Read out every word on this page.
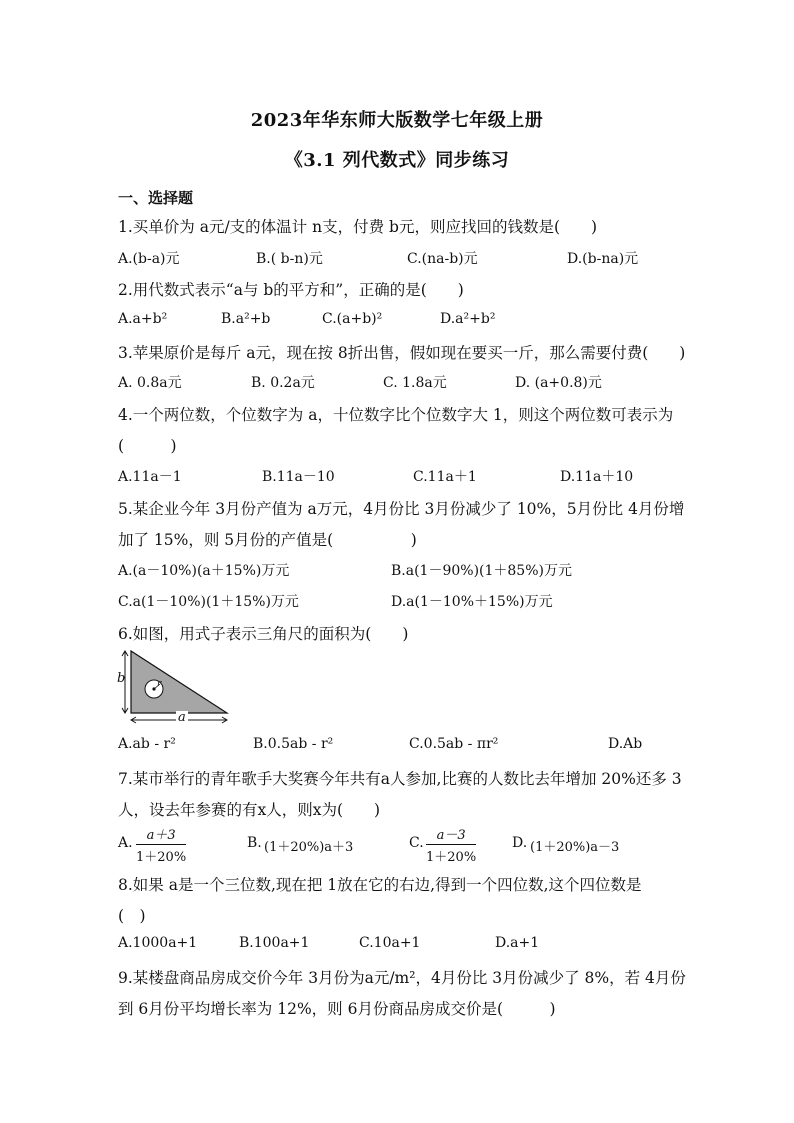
2023年华东师大版数学七年级上册
《3.1 列代数式》同步练习
一、选择题
1.买单价为 a元/支的体温计 n支，付费 b元，则应找回的钱数是(　　)
A.(b-a)元	B.( b-n)元	C.(na-b)元	D.(b-na)元
2.用代数式表示“a与 b的平方和”，正确的是(　　)
A.a+b²	B.a²+b	C.(a+b)²	D.a²+b²
3.苹果原价是每斤 a元，现在按 8折出售，假如现在要买一斤，那么需要付费(　　)
A. 0.8a元	B. 0.2a元	C. 1.8a元	D. (a+0.8)元
4.一个两位数，个位数字为 a，十位数字比个位数字大 1，则这个两位数可表示为
(　　　)
A.11a－1	B.11a－10	C.11a＋1	D.11a＋10
5.某企业今年 3月份产值为 a万元，4月份比 3月份减少了 10%，5月份比 4月份增
加了 15%，则 5月份的产值是(　　　　　)
A.(a－10%)(a＋15%)万元	B.a(1－90%)(1＋85%)万元
C.a(1－10%)(1＋15%)万元	D.a(1－10%＋15%)万元
6.如图，用式子表示三角尺的面积为(　　)
b
a
r
A.ab - r²	B.0.5ab - r²	C.0.5ab - πr²	D.Ab
7.某市举行的青年歌手大奖赛今年共有a人参加,比赛的人数比去年增加 20%还多 3
人，设去年参赛的有x人，则x为(　　)
A. $\frac{a+3}{1+20\%}$	B. (1＋20%)a＋3	C. $\frac{a-3}{1+20\%}$	D. (1＋20%)a－3
8.如果 a是一个三位数,现在把 1放在它的右边,得到一个四位数,这个四位数是
(　)
A.1000a+1	B.100a+1	C.10a+1	D.a+1
9.某楼盘商品房成交价今年 3月份为a元/m²，4月份比 3月份减少了 8%，若 4月份
到 6月份平均增长率为 12%，则 6月份商品房成交价是(　　　)
